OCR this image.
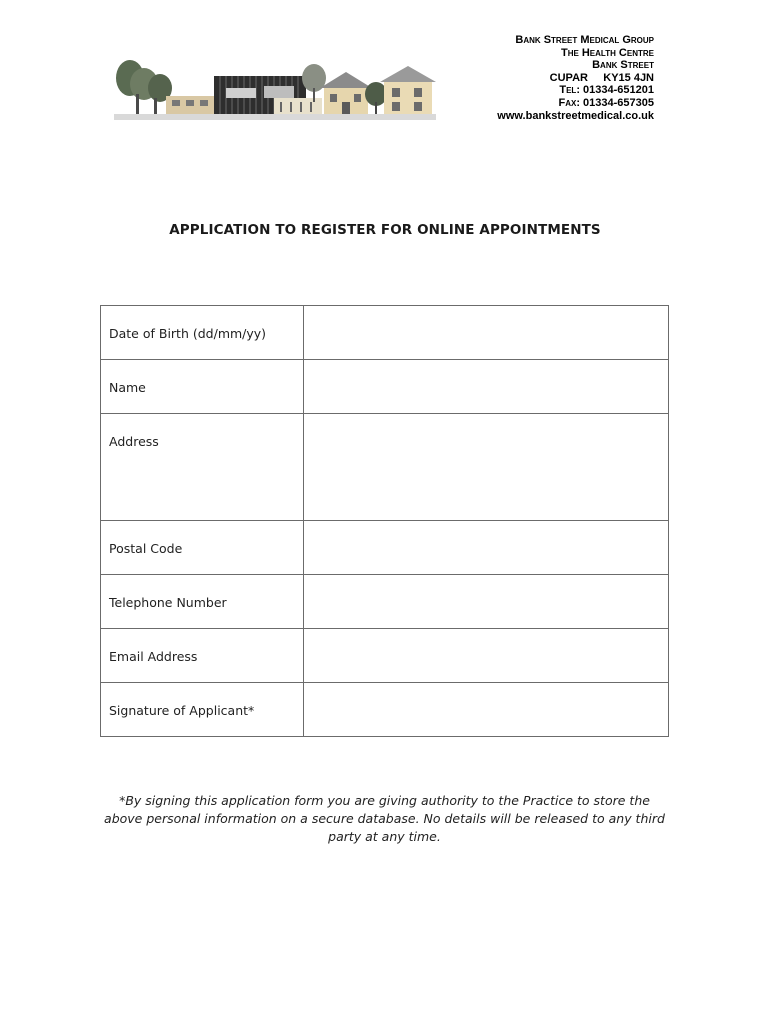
Bank Street Medical Group
The Health Centre
Bank Street
CUPAR     KY15 4JN
Tel: 01334-651201
Fax: 01334-657305
www.bankstreetmedical.co.uk
APPLICATION TO REGISTER FOR ONLINE APPOINTMENTS
Date of Birth (dd/mm/yy)	

Name	

Address	

Postal Code	

Telephone Number	

Email Address	

Signature of Applicant*	

*By signing this application form you are giving authority to the Practice to store the above personal information on a secure database. No details will be released to any third party at any time.
